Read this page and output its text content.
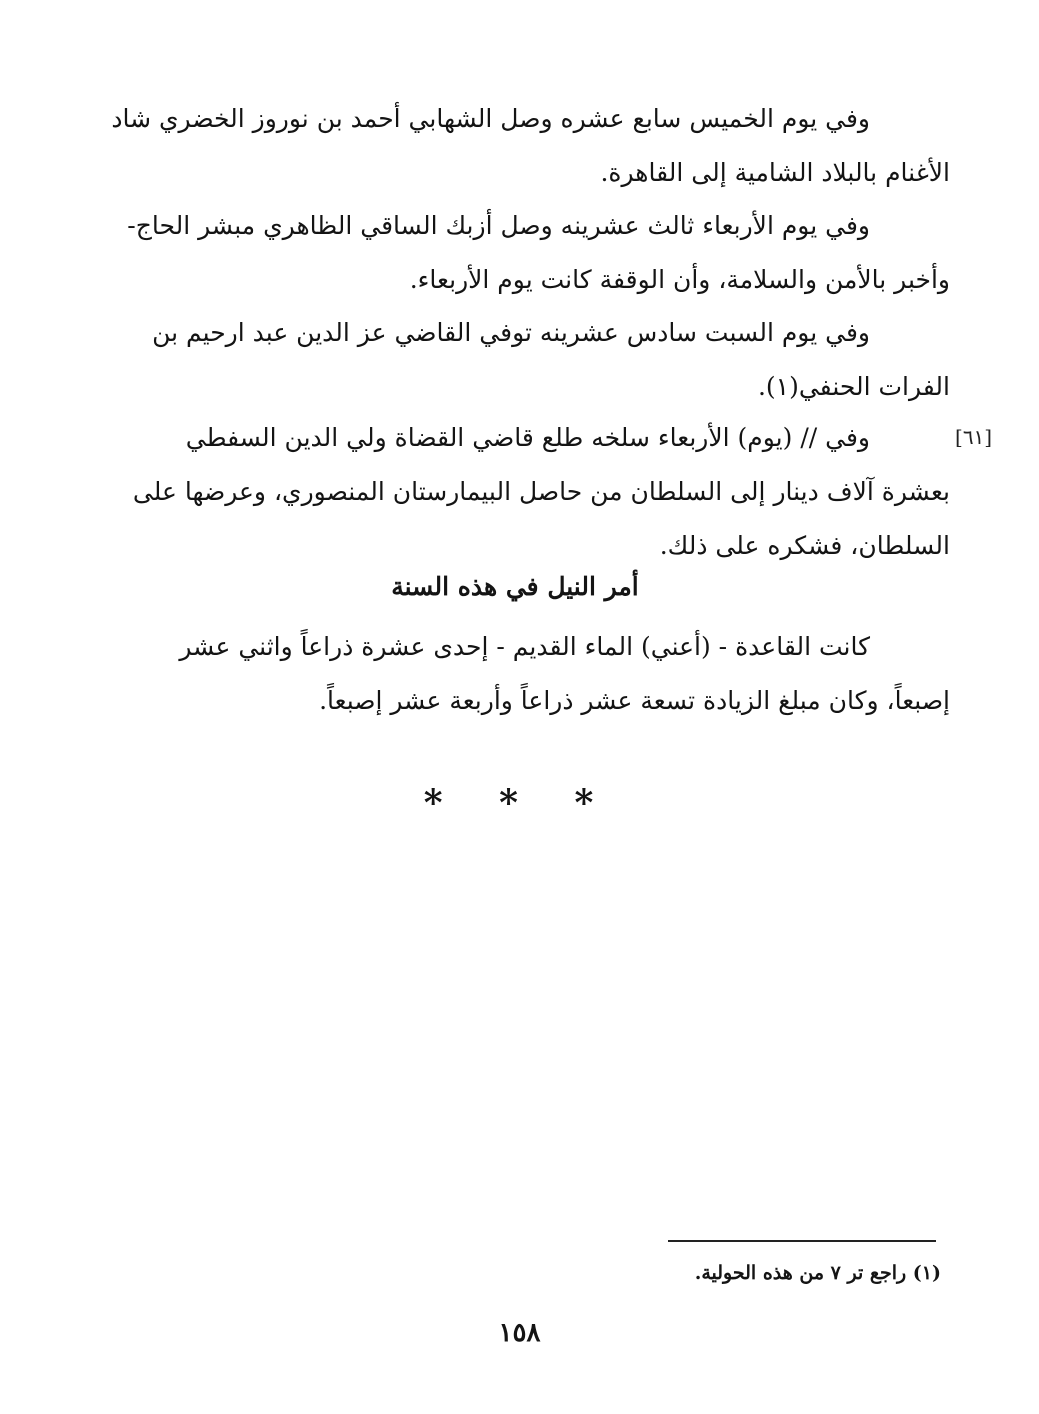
وفي يوم الخميس سابع عشره وصل الشهابي أحمد بن نوروز الخضري شاد
الأغنام بالبلاد الشامية إلى القاهرة.

وفي يوم الأربعاء ثالث عشرينه وصل أزبك الساقي الظاهري مبشر الحاج-
وأخبر بالأمن والسلامة، وأن الوقفة كانت يوم الأربعاء.

وفي يوم السبت سادس عشرينه توفي القاضي عز الدين عبد ارحيم بن
الفرات الحنفي(١).

[٦١]

وفي // (يوم) الأربعاء سلخه طلع قاضي القضاة ولي الدين السفطي
بعشرة آلاف دينار إلى السلطان من حاصل البيمارستان المنصوري، وعرضها على
السلطان، فشكره على ذلك.

أمر النيل في هذه السنة

كانت القاعدة - (أعني) الماء القديم - إحدى عشرة ذراعاً واثني عشر
إصبعاً، وكان مبلغ الزيادة تسعة عشر ذراعاً وأربعة عشر إصبعاً.

* * *
(١) راجع تر ٧ من هذه الحولية.
١٥٨
